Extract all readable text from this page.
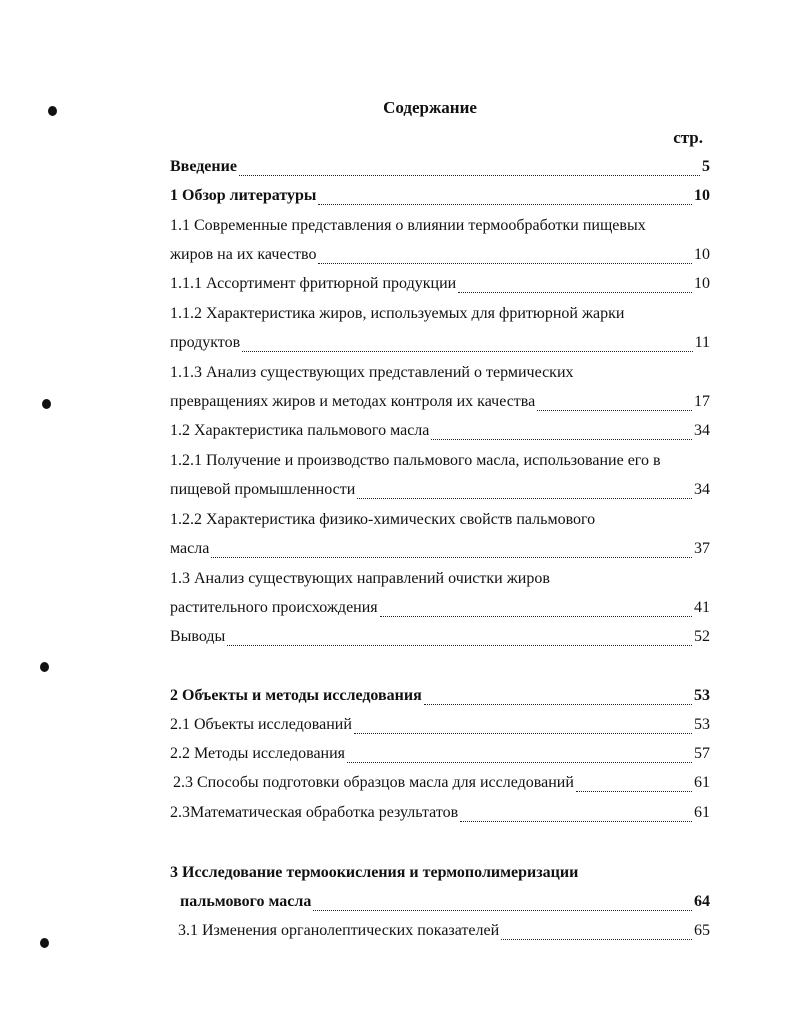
Содержание
стр.
Введение	5
1 Обзор литературы	10
1.1 Современные представления о влиянии термообработки пищевых
жиров на их качество	10
1.1.1 Ассортимент фритюрной продукции	10
1.1.2 Характеристика жиров, используемых для фритюрной жарки
продуктов	11
1.1.3 Анализ существующих представлений о термических
превращениях жиров и методах контроля их качества	17
1.2 Характеристика пальмового масла	34
1.2.1 Получение и производство пальмового масла, использование его в
пищевой промышленности	34
1.2.2 Характеристика физико-химических свойств пальмового
масла	37
1.3 Анализ существующих направлений очистки жиров
растительного происхождения	41
Выводы	52
2 Объекты и методы исследования	53
2.1 Объекты исследований	53
2.2 Методы исследования	57
2.3 Способы подготовки образцов масла для исследований	61
2.3Математическая обработка результатов	61
3 Исследование термоокисления и термополимеризации
пальмового масла	64
3.1 Изменения органолептических показателей	65
